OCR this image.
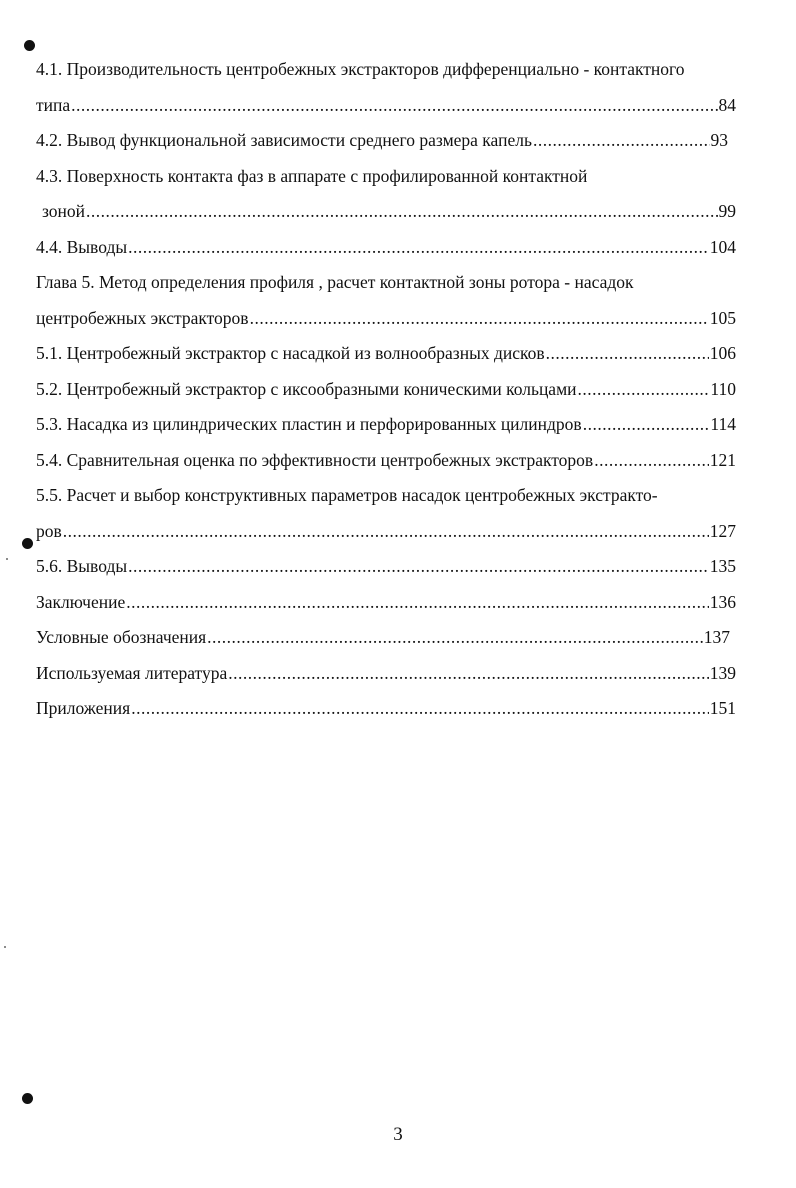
4.1. Производительность центробежных экстракторов дифференциально - контактного
типа .....	84
4.2. Вывод функциональной зависимости среднего размера капель .....	93
4.3. Поверхность контакта фаз в аппарате с профилированной контактной
зоной .....	99
4.4. Выводы .....	104
Глава 5. Метод определения профиля , расчет контактной зоны ротора - насадок
центробежных экстракторов .....	105
5.1. Центробежный экстрактор с насадкой из волнообразных дисков .....	106
5.2. Центробежный экстрактор с иксообразными коническими кольцами .....	110
5.3. Насадка из цилиндрических пластин и перфорированных цилиндров .....	114
5.4. Сравнительная оценка по эффективности центробежных экстракторов .....	121
5.5. Расчет и выбор конструктивных параметров насадок центробежных экстракто-
ров .....	127
5.6. Выводы .....	135
Заключение .....	136
Условные обозначения .....	137
Используемая литература .....	139
Приложения .....	151
3
